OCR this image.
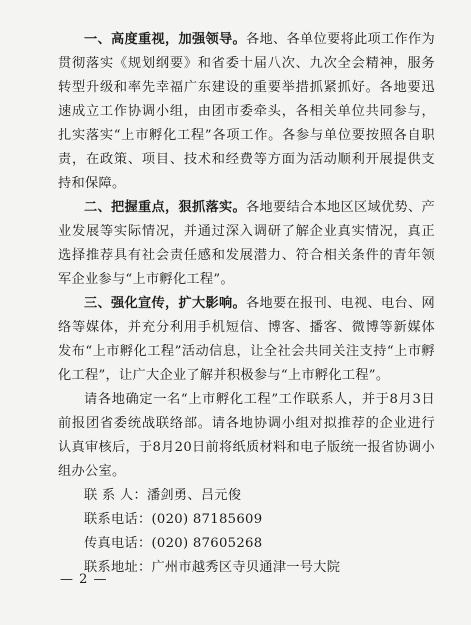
一、高度重视，加强领导。各地、各单位要将此项工作作为贯彻落实《规划纲要》和省委十届八次、九次全会精神，服务转型升级和率先幸福广东建设的重要举措抓紧抓好。各地要迅速成立工作协调小组，由团市委牵头，各相关单位共同参与，扎实落实“上市孵化工程”各项工作。各参与单位要按照各自职责，在政策、项目、技术和经费等方面为活动顺利开展提供支持和保障。

二、把握重点，狠抓落实。各地要结合本地区区域优势、产业发展等实际情况，并通过深入调研了解企业真实情况，真正选择推荐具有社会责任感和发展潜力、符合相关条件的青年领军企业参与“上市孵化工程”。

三、强化宣传，扩大影响。各地要在报刊、电视、电台、网络等媒体，并充分利用手机短信、博客、播客、微博等新媒体发布“上市孵化工程”活动信息，让全社会共同关注支持“上市孵化工程”，让广大企业了解并积极参与“上市孵化工程”。

请各地确定一名“上市孵化工程”工作联系人，并于8月3日前报团省委统战联络部。请各地协调小组对拟推荐的企业进行认真审核后，于8月20日前将纸质材料和电子版统一报省协调小组办公室。

联 系 人：潘剑勇、吕元俊

联系电话：(020) 87185609

传真电话：(020) 87605268

联系地址：广州市越秀区寺贝通津一号大院

— 2 —
